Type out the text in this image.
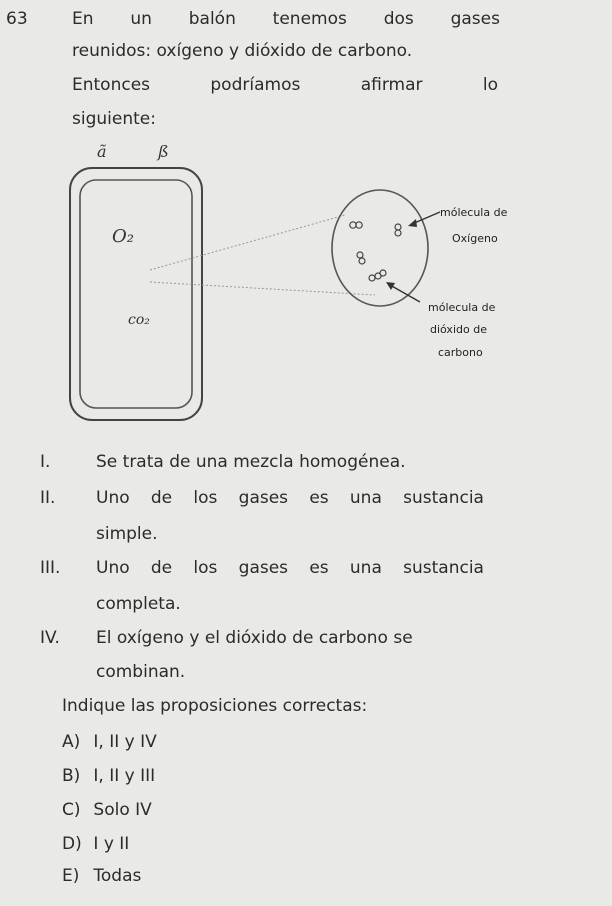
63	En un balón tenemos dos gases
reunidos: oxígeno y dióxido de carbono.
Entonces	podríamos	afirmar	lo
siguiente:
ã	ß
O₂
co₂
mólecula de
Oxígeno
mólecula de
dióxido de
carbono
I.	Se trata de una mezcla homogénea.
II.	Uno de los gases es una sustancia
simple.
III.	Uno de los gases es una sustancia
completa.
IV.	El oxígeno y el dióxido de carbono se
combinan.
Indique las proposiciones correctas:
A) I, II y IV
B) I, II y III
C) Solo IV
D) I y II
E) Todas
